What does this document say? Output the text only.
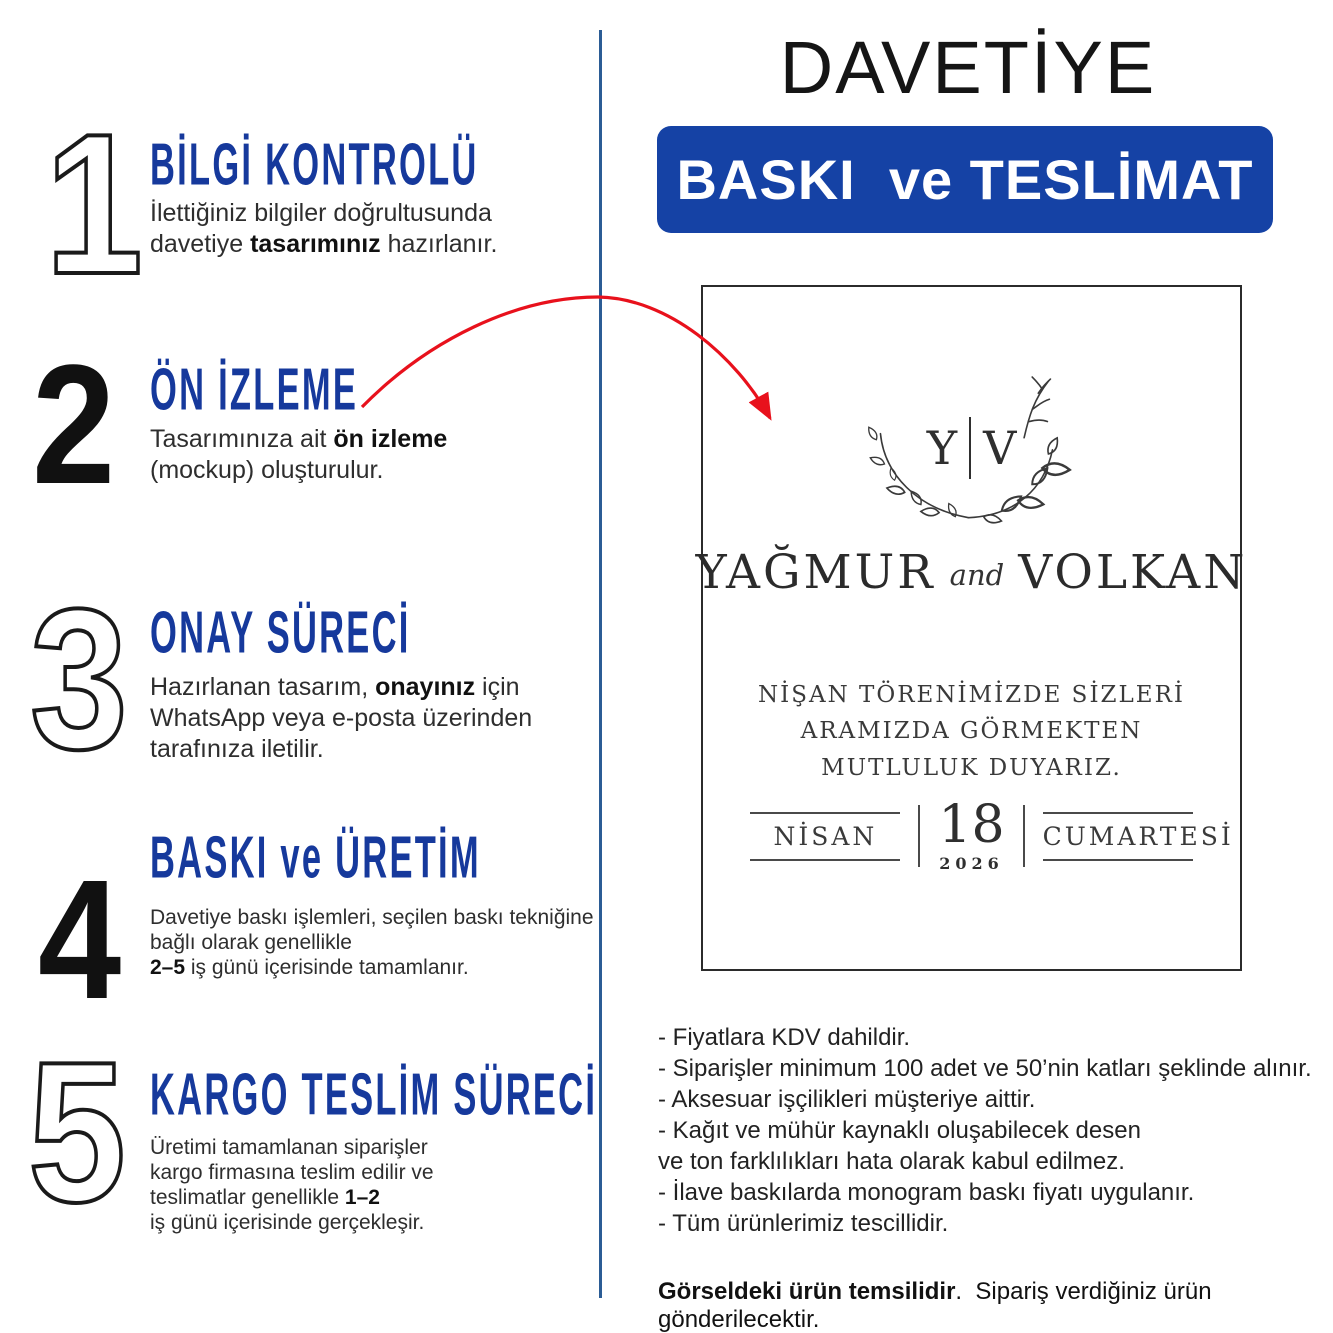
1 BİLGİ KONTROLÜ
İlettiğiniz bilgiler doğrultusunda
davetiye tasarımınız hazırlanır.
2 ÖN İZLEME
Tasarımınıza ait ön izleme
(mockup) oluşturulur.
3 ONAY SÜRECİ
Hazırlanan tasarım, onayınız için
WhatsApp veya e-posta üzerinden
tarafınıza iletilir.
4 BASKI ve ÜRETİM
Davetiye baskı işlemleri, seçilen baskı tekniğine
bağlı olarak genellikle
2–5 iş günü içerisinde tamamlanır.
5 KARGO TESLİM SÜRECİ
Üretimi tamamlanan siparişler
kargo firmasına teslim edilir ve
teslimatlar genellikle 1–2
iş günü içerisinde gerçekleşir.
DAVETİYE
BASKI  ve TESLİMAT
Y V
YAĞMUR and VOLKAN
NİŞAN TÖRENİMİZDE SİZLERİ
ARAMIZDA GÖRMEKTEN
MUTLULUK DUYARIZ.
NİSAN	18
2026
CUMARTESİ
- Fiyatlara KDV dahildir.
- Siparişler minimum 100 adet ve 50’nin katları şeklinde alınır.
- Aksesuar işçilikleri müşteriye aittir.
- Kağıt ve mühür kaynaklı oluşabilecek desen
ve ton farklılıkları hata olarak kabul edilmez.
- İlave baskılarda monogram baskı fiyatı uygulanır.
- Tüm ürünlerimiz tescillidir.
Görseldeki ürün temsilidir.  Sipariş verdiğiniz ürün gönderilecektir.
